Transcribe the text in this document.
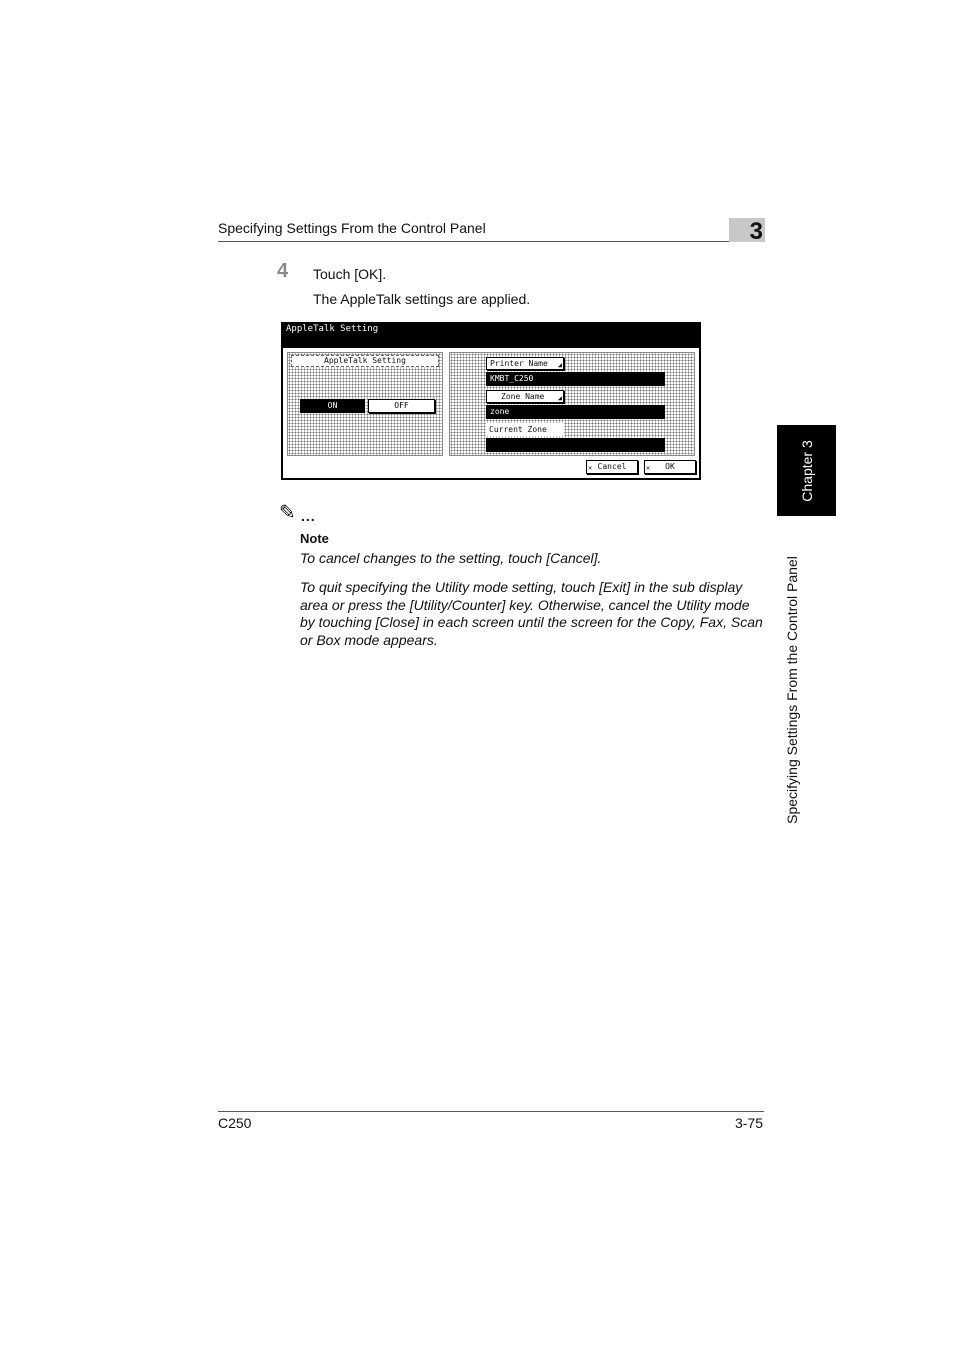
Specifying Settings From the Control Panel	3
4 Touch [OK].
The AppleTalk settings are applied.
AppleTalk Setting
AppleTalk Setting
ON	OFF
Printer Name ◢
KMBT_C250
Zone Name ◢
zone
Current Zone
✕ Cancel	✕ OK
✎ ...
Note
To cancel changes to the setting, touch [Cancel].
To quit specifying the Utility mode setting, touch [Exit] in the sub display area or press the [Utility/Counter] key. Otherwise, cancel the Utility mode by touching [Close] in each screen until the screen for the Copy, Fax, Scan or Box mode appears.
Chapter 3
Specifying Settings From the Control Panel
C250	3-75
